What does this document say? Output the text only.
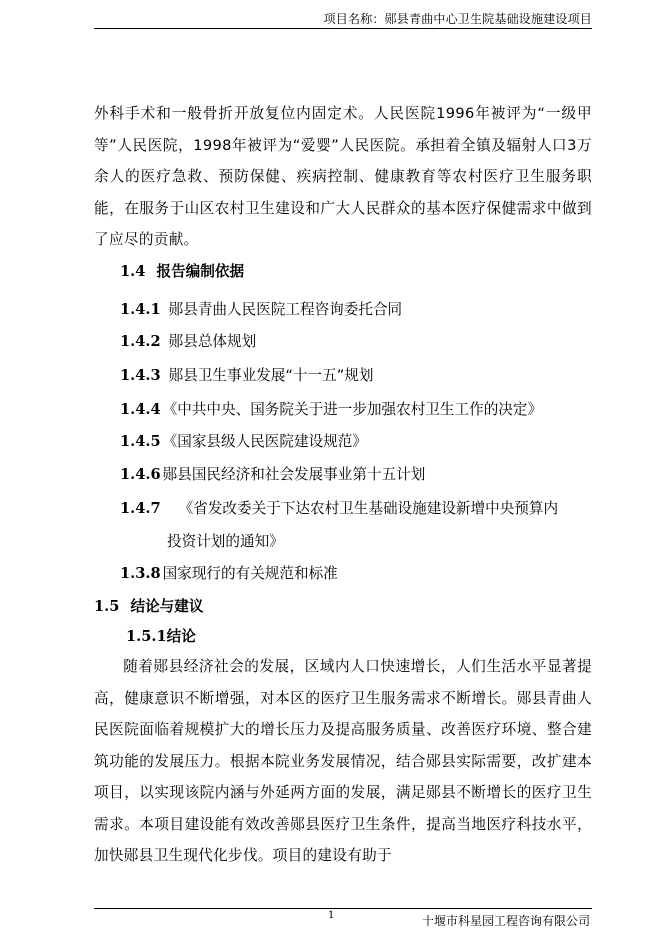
项目名称：郧县青曲中心卫生院基础设施建设项目
外科手术和一般骨折开放复位内固定术。人民医院1996年被评为“一级甲等”人民医院，1998年被评为“爱婴”人民医院。承担着全镇及辐射人口3万余人的医疗急救、预防保健、疾病控制、健康教育等农村医疗卫生服务职能，在服务于山区农村卫生建设和广大人民群众的基本医疗保健需求中做到了应尽的贡献。
1.4 报告编制依据
1.4.1 郧县青曲人民医院工程咨询委托合同
1.4.2 郧县总体规划
1.4.3 郧县卫生事业发展“十一五”规划
1.4.4 《中共中央、国务院关于进一步加强农村卫生工作的决定》
1.4.5 《国家县级人民医院建设规范》
1.4.6 郧县国民经济和社会发展事业第十五计划
1.4.7 《省发改委关于下达农村卫生基础设施建设新增中央预算内
投资计划的通知》
1.3.8 国家现行的有关规范和标准
1.5 结论与建议
1.5.1结论
随着郧县经济社会的发展，区域内人口快速增长，人们生活水平显著提高，健康意识不断增强，对本区的医疗卫生服务需求不断增长。郧县青曲人民医院面临着规模扩大的增长压力及提高服务质量、改善医疗环境、整合建筑功能的发展压力。根据本院业务发展情况，结合郧县实际需要，改扩建本项目，以实现该院内涵与外延两方面的发展，满足郧县不断增长的医疗卫生需求。本项目建设能有效改善郧县医疗卫生条件，提高当地医疗科技水平，加快郧县卫生现代化步伐。项目的建设有助于
1	十堰市科星园工程咨询有限公司
